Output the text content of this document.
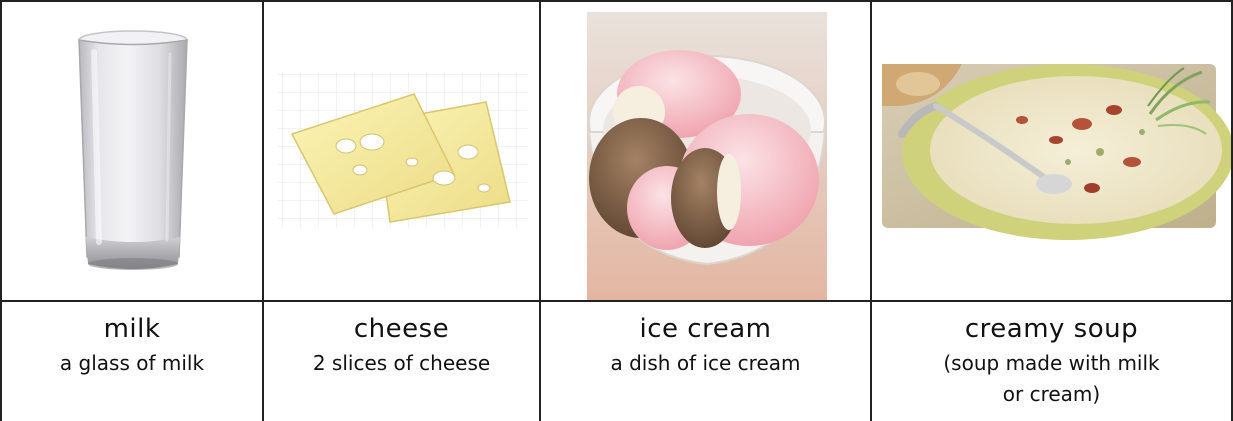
milk
a glass of milk
cheese
2 slices of cheese
ice cream
a dish of ice cream
creamy soup
(soup made with milk
or cream)
